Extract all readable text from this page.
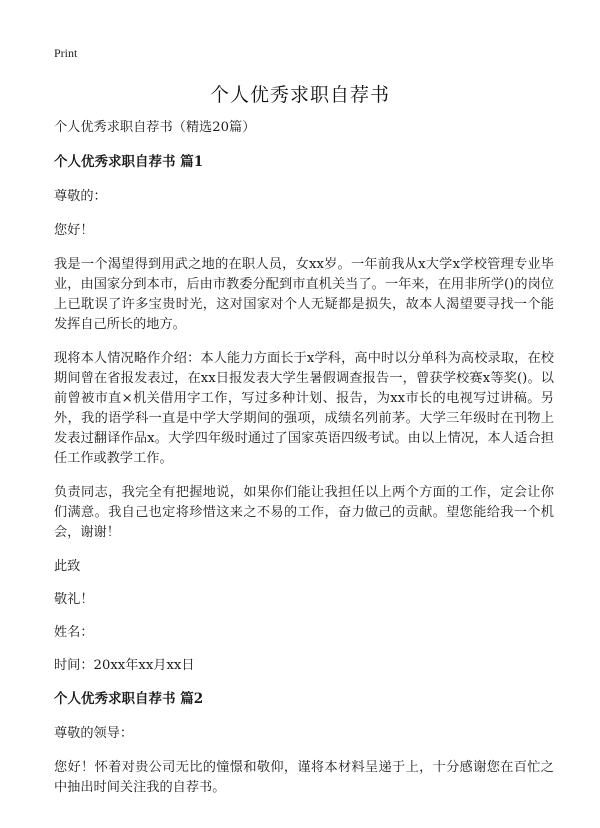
Print
个人优秀求职自荐书

个人优秀求职自荐书（精选20篇）

个人优秀求职自荐书 篇1

尊敬的：

您好！

我是一个渴望得到用武之地的在职人员，女xx岁。一年前我从x大学x学校管理专业毕业，由国家分到本市，后由市教委分配到市直机关当了。一年来，在用非所学()的岗位上已耽误了许多宝贵时光，这对国家对个人无疑都是损失，故本人渴望要寻找一个能发挥自己所长的地方。

现将本人情况略作介绍：本人能力方面长于x学科，高中时以分单科为高校录取，在校期间曾在省报发表过，在xx日报发表大学生暑假调查报告一，曾获学校赛x等奖()。以前曾被市直×机关借用字工作，写过多种计划、报告，为xx市长的电视写过讲稿。另外，我的语学科一直是中学大学期间的强项，成绩名列前茅。大学三年级时在刊物上发表过翻译作品x。大学四年级时通过了国家英语四级考试。由以上情况，本人适合担任工作或教学工作。

负责同志，我完全有把握地说，如果你们能让我担任以上两个方面的工作，定会让你们满意。我自己也定将珍惜这来之不易的工作，奋力做己的贡献。望您能给我一个机会，谢谢！

此致

敬礼！

姓名：

时间：20xx年xx月xx日

个人优秀求职自荐书 篇2

尊敬的领导：

您好！怀着对贵公司无比的憧憬和敬仰，谨将本材料呈递于上，十分感谢您在百忙之中抽出时间关注我的自荐书。
